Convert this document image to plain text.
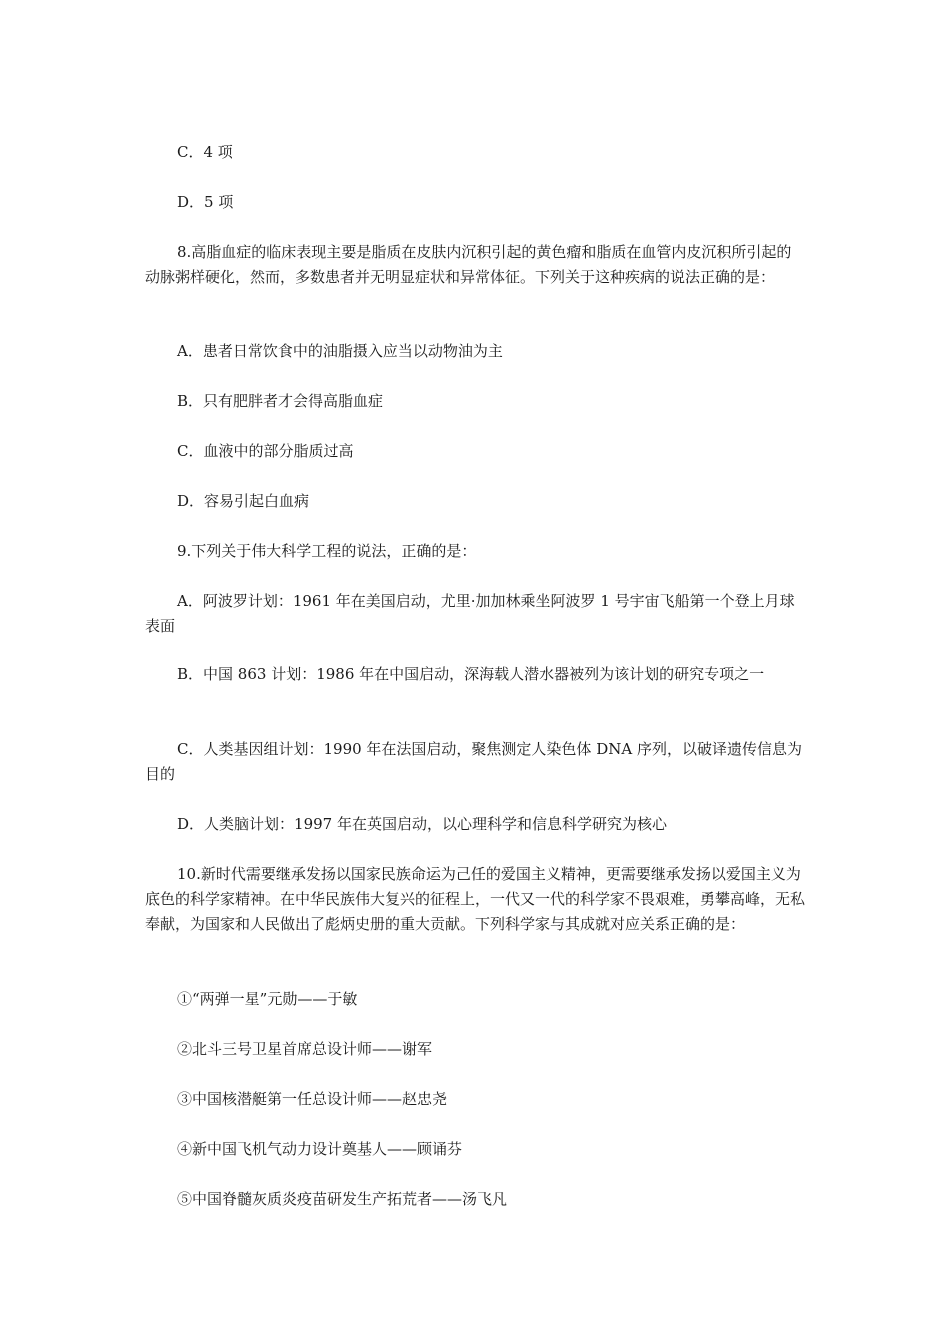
C．4 项

D．5 项

8.高脂血症的临床表现主要是脂质在皮肤内沉积引起的黄色瘤和脂质在血管内皮沉积所引起的动脉粥样硬化，然而，多数患者并无明显症状和异常体征。下列关于这种疾病的说法正确的是：

A．患者日常饮食中的油脂摄入应当以动物油为主

B．只有肥胖者才会得高脂血症

C．血液中的部分脂质过高

D．容易引起白血病

9.下列关于伟大科学工程的说法，正确的是：

A．阿波罗计划：1961 年在美国启动，尤里·加加林乘坐阿波罗 1 号宇宙飞船第一个登上月球表面

B．中国 863 计划：1986 年在中国启动，深海载人潜水器被列为该计划的研究专项之一

C．人类基因组计划：1990 年在法国启动，聚焦测定人染色体 DNA 序列，以破译遗传信息为目的

D．人类脑计划：1997 年在英国启动，以心理科学和信息科学研究为核心

10.新时代需要继承发扬以国家民族命运为己任的爱国主义精神，更需要继承发扬以爱国主义为底色的科学家精神。在中华民族伟大复兴的征程上，一代又一代的科学家不畏艰难，勇攀高峰，无私奉献，为国家和人民做出了彪炳史册的重大贡献。下列科学家与其成就对应关系正确的是：

①“两弹一星”元勋——于敏

②北斗三号卫星首席总设计师——谢军

③中国核潜艇第一任总设计师——赵忠尧

④新中国飞机气动力设计奠基人——顾诵芬

⑤中国脊髓灰质炎疫苗研发生产拓荒者——汤飞凡
